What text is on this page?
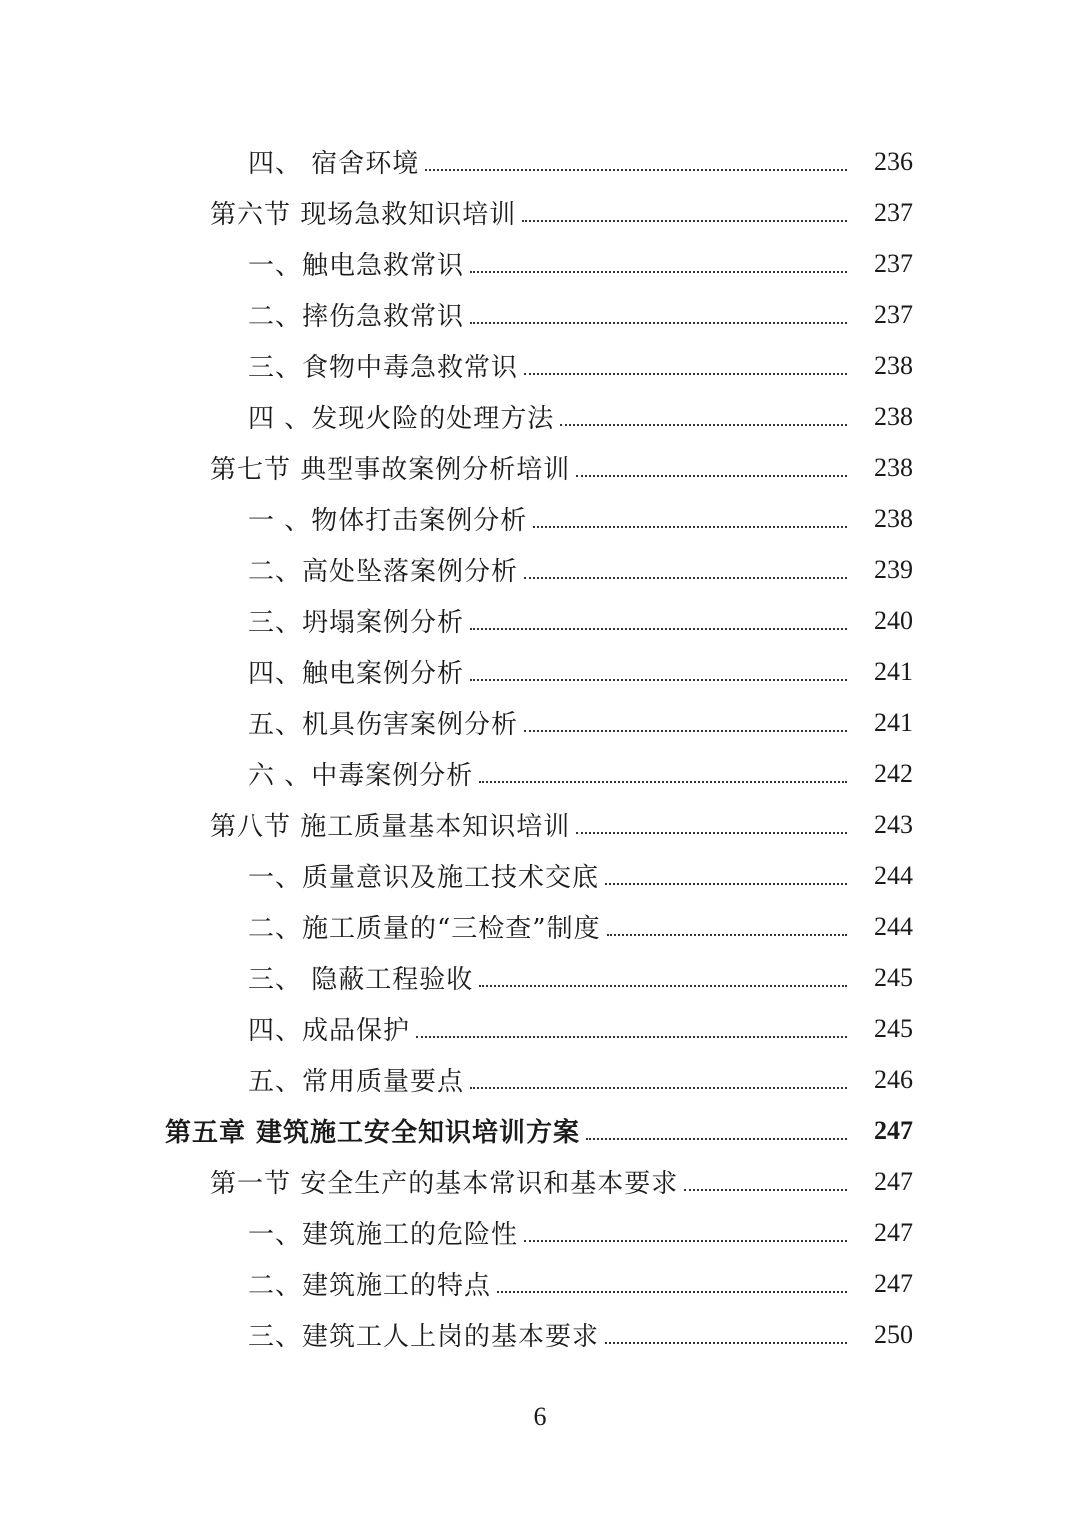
四、 宿舍环境	236
第六节 现场急救知识培训	237
一、触电急救常识	237
二、摔伤急救常识	237
三、食物中毒急救常识	238
四 、发现火险的处理方法	238
第七节 典型事故案例分析培训	238
一 、物体打击案例分析	238
二、高处坠落案例分析	239
三、坍塌案例分析	240
四、触电案例分析	241
五、机具伤害案例分析	241
六 、中毒案例分析	242
第八节 施工质量基本知识培训	243
一、质量意识及施工技术交底	244
二、施工质量的“三检查”制度	244
三、 隐蔽工程验收	245
四、成品保护	245
五、常用质量要点	246
第五章 建筑施工安全知识培训方案	247
第一节 安全生产的基本常识和基本要求	247
一、建筑施工的危险性	247
二、建筑施工的特点	247
三、建筑工人上岗的基本要求	250
6
